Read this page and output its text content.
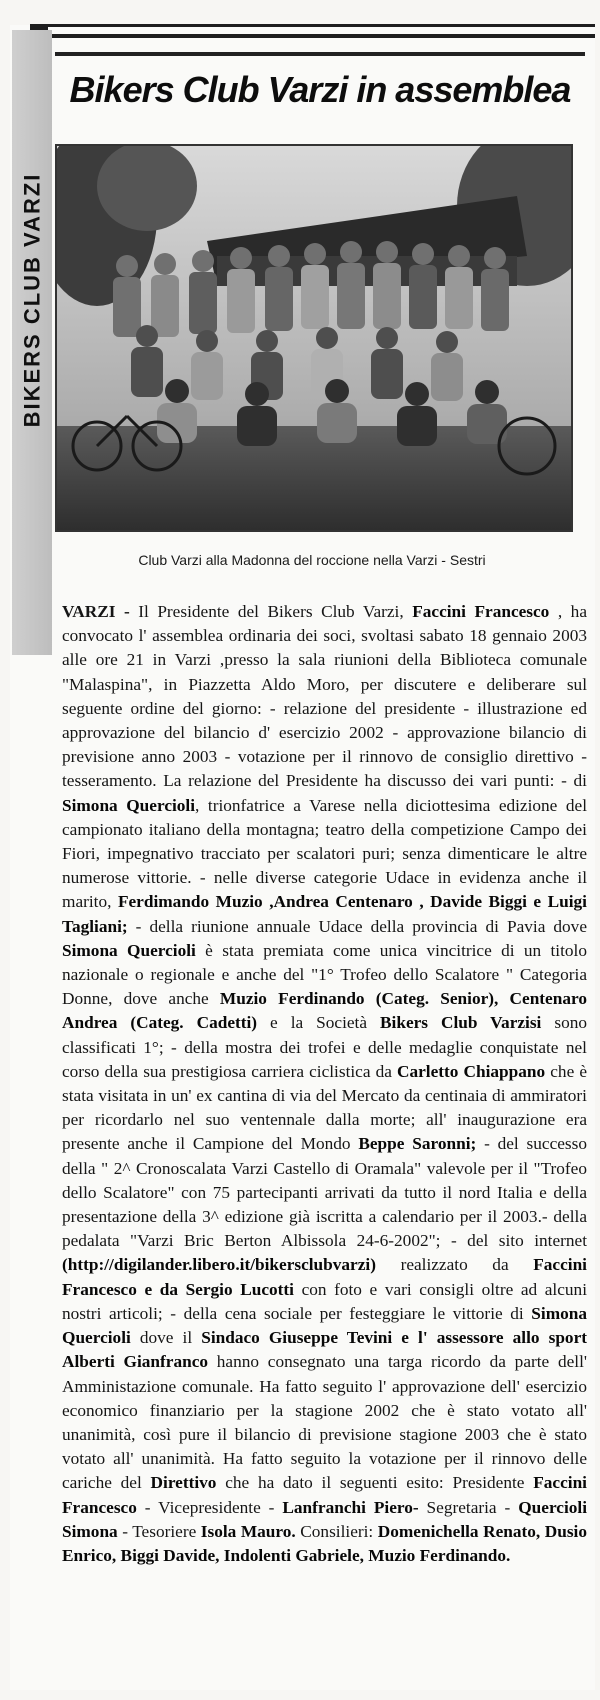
BIKERS CLUB VARZI
Bikers Club Varzi in assemblea
Club Varzi alla Madonna del roccione nella Varzi - Sestri
VARZI - Il Presidente del Bikers Club Varzi, Faccini Francesco , ha convocato l' assemblea ordinaria dei soci, svoltasi sabato 18 gennaio 2003 alle ore 21 in Varzi ,presso la sala riunioni della Biblioteca comunale "Malaspina", in Piazzetta Aldo Moro, per discutere e deliberare sul seguente ordine del giorno: - relazione del presidente - illustrazione ed approvazione del bilancio d' esercizio 2002 - approvazione bilancio di previsione anno 2003 - votazione per il rinnovo de consiglio direttivo - tesseramento. La relazione del Presidente ha discusso dei vari punti: - di Simona Quercioli, trionfatrice a Varese nella diciottesima edizione del campionato italiano della montagna; teatro della competizione Campo dei Fiori, impegnativo tracciato per scalatori puri; senza dimenticare le altre numerose vittorie. - nelle diverse categorie Udace in evidenza anche il marito, Ferdimando Muzio ,Andrea Centenaro , Davide Biggi e Luigi Tagliani; - della riunione annuale Udace della provincia di Pavia dove Simona Quercioli è stata premiata come unica vincitrice di un titolo nazionale o regionale e anche del "1° Trofeo dello Scalatore " Categoria Donne, dove anche Muzio Ferdinando (Categ. Senior), Centenaro Andrea (Categ. Cadetti) e la Società Bikers Club Varzisi sono classificati 1°; - della mostra dei trofei e delle medaglie conquistate nel corso della sua prestigiosa carriera ciclistica da Carletto Chiappano che è stata visitata in un' ex cantina di via del Mercato da centinaia di ammiratori per ricordarlo nel suo ventennale dalla morte; all' inaugurazione era presente anche il Campione del Mondo Beppe Saronni; - del successo della " 2^ Cronoscalata Varzi Castello di Oramala" valevole per il "Trofeo dello Scalatore" con 75 partecipanti arrivati da tutto il nord Italia e della presentazione della 3^ edizione già iscritta a calendario per il 2003.- della pedalata "Varzi Bric Berton Albissola 24-6-2002"; - del sito internet (http://digilander.libero.it/bikersclubvarzi) realizzato da Faccini Francesco e da Sergio Lucotti con foto e vari consigli oltre ad alcuni nostri articoli; - della cena sociale per festeggiare le vittorie di Simona Quercioli dove il Sindaco Giuseppe Tevini e l' assessore allo sport Alberti Gianfranco hanno consegnato una targa ricordo da parte dell' Amministazione comunale. Ha fatto seguito l' approvazione dell' esercizio economico finanziario per la stagione 2002 che è stato votato all' unanimità, così pure il bilancio di previsione stagione 2003 che è stato votato all' unanimità. Ha fatto seguito la votazione per il rinnovo delle cariche del Direttivo che ha dato il seguenti esito: Presidente Faccini Francesco - Vicepresidente - Lanfranchi Piero- Segretaria - Quercioli Simona - Tesoriere Isola Mauro. Consilieri: Domenichella Renato, Dusio Enrico, Biggi Davide, Indolenti Gabriele, Muzio Ferdinando.
